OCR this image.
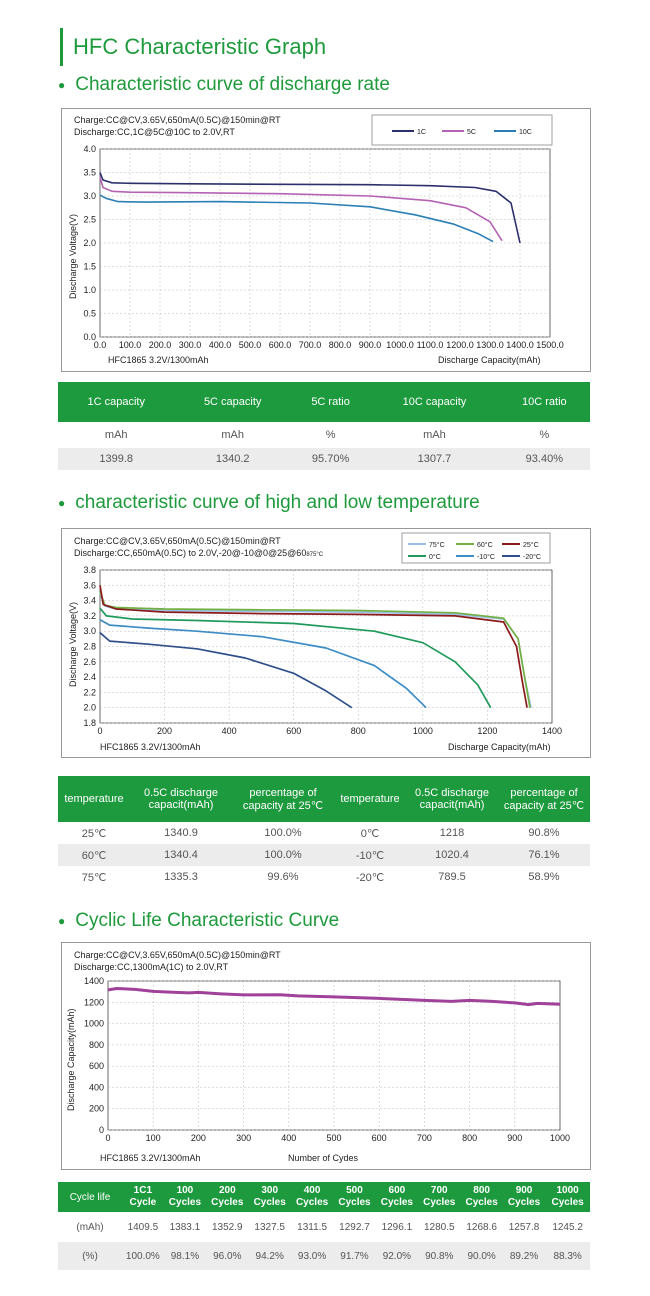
HFC Characteristic Graph
● Characteristic curve of discharge rate
Charge:CC@CV,3.65V,650mA(0.5C)@150min@RT
Discharge:CC,1C@5C@10C to 2.0V,RT	1C	5C	10C
0.0
0.5
1.0
1.5
2.0
2.5
3.0
3.5
4.0
0.0 100.0 200.0 300.0 400.0 500.0 600.0 700.0 800.0 900.0 1000.0 1100.0 1200.0 1300.0 1400.0 1500.0
HFC1865 3.2V/1300mAh	Discharge Capacity(mAh)
Discharge Voltage(V)
1C capacity	5C capacity	5C ratio	10C capacity	10C ratio
mAh	mAh	%	mAh	%
1399.8	1340.2	95.70%	1307.7	93.40%
● characteristic curve of high and low temperature
Charge:CC@CV,3.65V,650mA(0.5C)@150min@RT
Discharge:CC,650mA(0.5C) to 2.0V,-20@-10@0@25@60875°C
75°C	60°C	25°C
0°C	-10°C	-20°C
1.8
2.0
2.2
2.4
2.6
2.8
3.0
3.2
3.4
3.6
3.8
0	200	400	600	800	1000	1200	1400
HFC1865 3.2V/1300mAh	Discharge Capacity(mAh)
Discharge Voltage(V)
temperature	0.5C discharge capacit(mAh)	percentage of capacity at 25℃	temperature	0.5C discharge capacit(mAh)	percentage of capacity at 25℃
25℃	1340.9	100.0%	0℃	1218	90.8%
60℃	1340.4	100.0%	-10℃	1020.4	76.1%
75℃	1335.3	99.6%	-20℃	789.5	58.9%
● Cyclic Life Characteristic Curve
Charge:CC@CV,3.65V,650mA(0.5C)@150min@RT
Discharge:CC,1300mA(1C) to 2.0V,RT
0
200
400
600
800
1000
1200
1400
0	100	200	300	400	500	600	700	800	900	1000
HFC1865 3.2V/1300mAh	Number of Cydes
Discharge Capacity(mAh)
Cycle life	1C1 Cycle	100 Cycles	200 Cycles	300 Cycles	400 Cycles	500 Cycles	600 Cycles	700 Cycles	800 Cycles	900 Cycles	1000 Cycles
(mAh)	1409.5	1383.1	1352.9	1327.5	1311.5	1292.7	1296.1	1280.5	1268.6	1257.8	1245.2
(%)	100.0%	98.1%	96.0%	94.2%	93.0%	91.7%	92.0%	90.8%	90.0%	89.2%	88.3%
